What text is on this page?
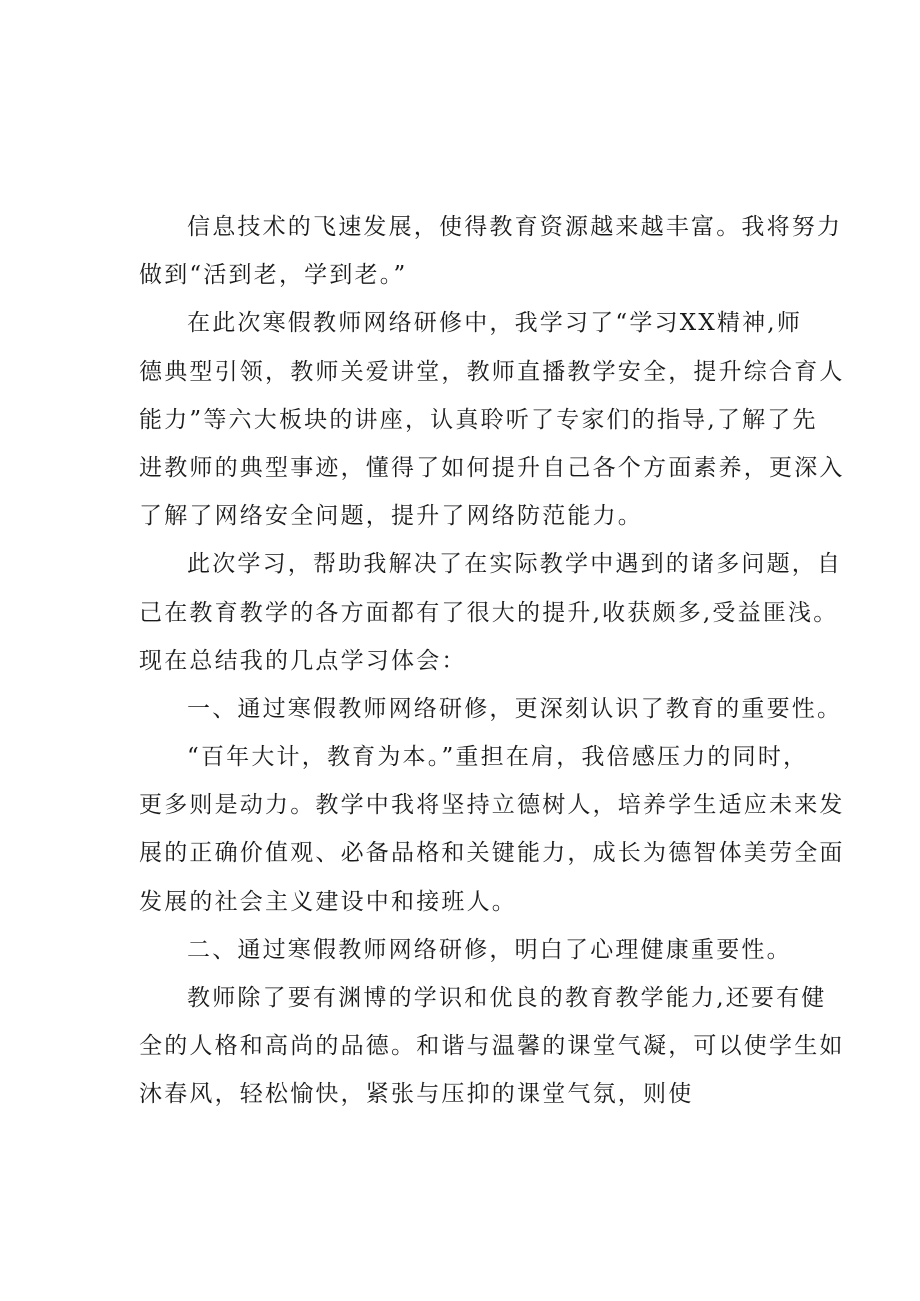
信息技术的飞速发展，使得教育资源越来越丰富。我将努力
做到“活到老，学到老。”
在此次寒假教师网络研修中，我学习了“学习XX精神,师
德典型引领，教师关爱讲堂，教师直播教学安全，提升综合育人
能力”等六大板块的讲座，认真聆听了专家们的指导,了解了先
进教师的典型事迹，懂得了如何提升自己各个方面素养，更深入
了解了网络安全问题，提升了网络防范能力。
此次学习，帮助我解决了在实际教学中遇到的诸多问题，自
己在教育教学的各方面都有了很大的提升,收获颇多,受益匪浅。
现在总结我的几点学习体会：
一、通过寒假教师网络研修，更深刻认识了教育的重要性。
“百年大计，教育为本。”重担在肩，我倍感压力的同时，
更多则是动力。教学中我将坚持立德树人，培养学生适应未来发
展的正确价值观、必备品格和关键能力，成长为德智体美劳全面
发展的社会主义建设中和接班人。
二、通过寒假教师网络研修，明白了心理健康重要性。
教师除了要有渊博的学识和优良的教育教学能力,还要有健
全的人格和高尚的品德。和谐与温馨的课堂气凝，可以使学生如
沐春风，轻松愉快，紧张与压抑的课堂气氛，则使
